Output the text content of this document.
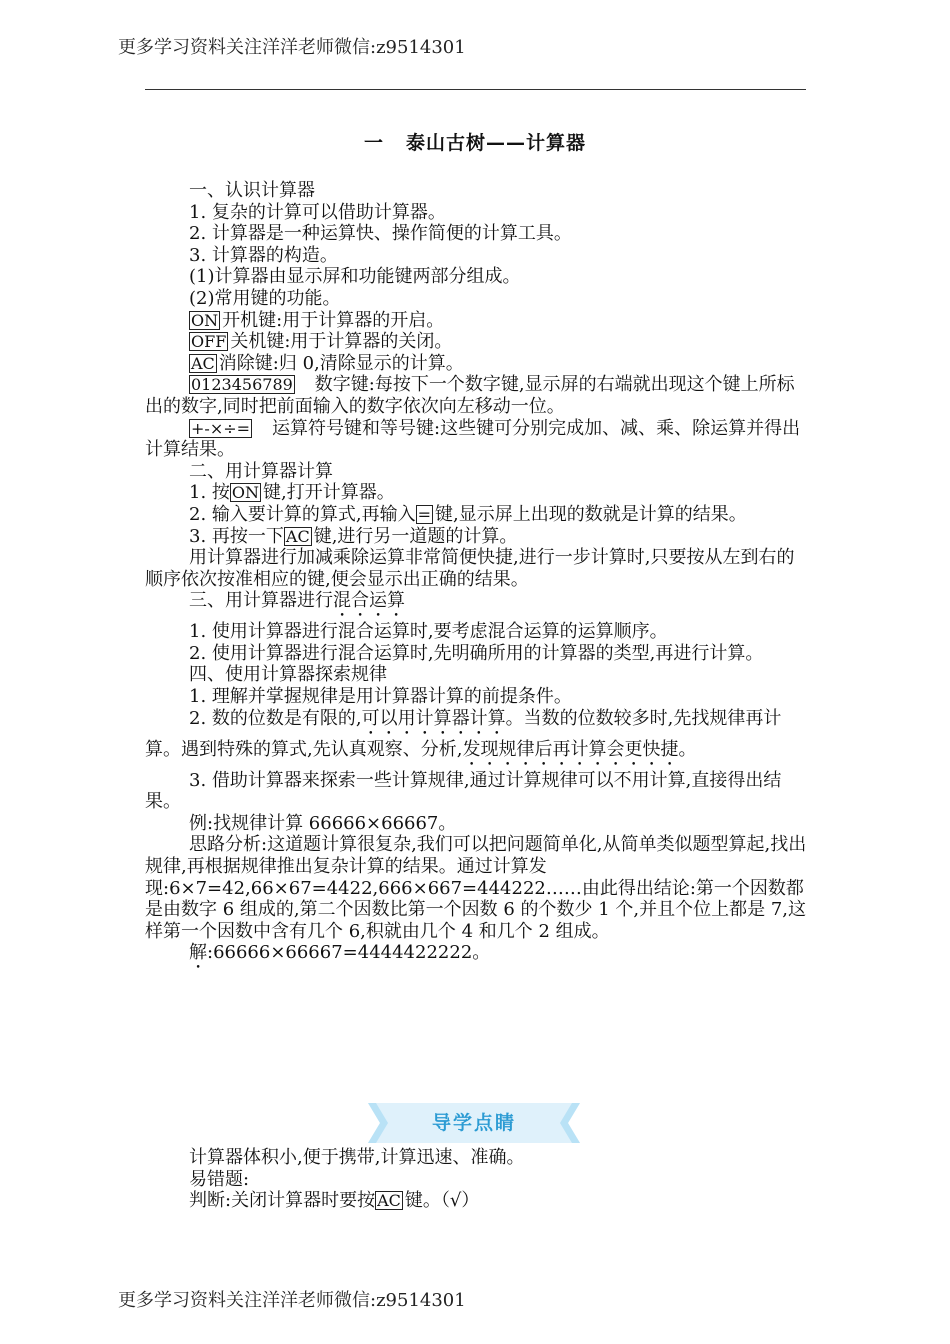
更多学习资料关注洋洋老师微信:z9514301
一 泰山古树——计算器

一、认识计算器

1. 复杂的计算可以借助计算器。

2. 计算器是一种运算快、操作简便的计算工具。

3. 计算器的构造。

(1)计算器由显示屏和功能键两部分组成。

(2)常用键的功能。

ON 开机键:用于计算器的开启。

OFF 关机键:用于计算器的关闭。

AC 消除键:归 0,清除显示的计算。

0123456789　数字键:每按下一个数字键,显示屏的右端就出现这个键上所标出的数字,同时把前面输入的数字依次向左移动一位。

+-×÷=　运算符号键和等号键:这些键可分别完成加、减、乘、除运算并得出计算结果。

二、用计算器计算

1. 按 ON 键,打开计算器。

2. 输入要计算的算式,再输入 = 键,显示屏上出现的数就是计算的结果。

3. 再按一下 AC 键,进行另一道题的计算。

用计算器进行加减乘除运算非常简便快捷,进行一步计算时,只要按从左到右的顺序依次按准相应的键,便会显示出正确的结果。

三、用计算器进行混合运算

1. 使用计算器进行混合运算时,要考虑混合运算的运算顺序。

2. 使用计算器进行混合运算时,先明确所用的计算器的类型,再进行计算。

四、使用计算器探索规律

1. 理解并掌握规律是用计算器计算的前提条件。

2. 数的位数是有限的,可以用计算器计算。当数的位数较多时,先找规律再计算。遇到特殊的算式,先认真观察、分析,发现规律后再计算会更快捷。

3. 借助计算器来探索一些计算规律,通过计算规律可以不用计算,直接得出结果。

例:找规律计算 66666×66667。

思路分析:这道题计算很复杂,我们可以把问题简单化,从简单类似题型算起,找出规律,再根据规律推出复杂计算的结果。通过计算发现:6×7=42,66×67=4422,666×667=444222……由此得出结论:第一个因数都是由数字 6 组成的,第二个因数比第一个因数 6 的个数少 1 个,并且个位上都是 7,这样第一个因数中含有几个 6,积就由几个 4 和几个 2 组成。

解:66666×66667=4444422222。

导学点睛

计算器体积小,便于携带,计算迅速、准确。

易错题:

判断:关闭计算器时要按 AC 键。（√）

更多学习资料关注洋洋老师微信:z9514301
